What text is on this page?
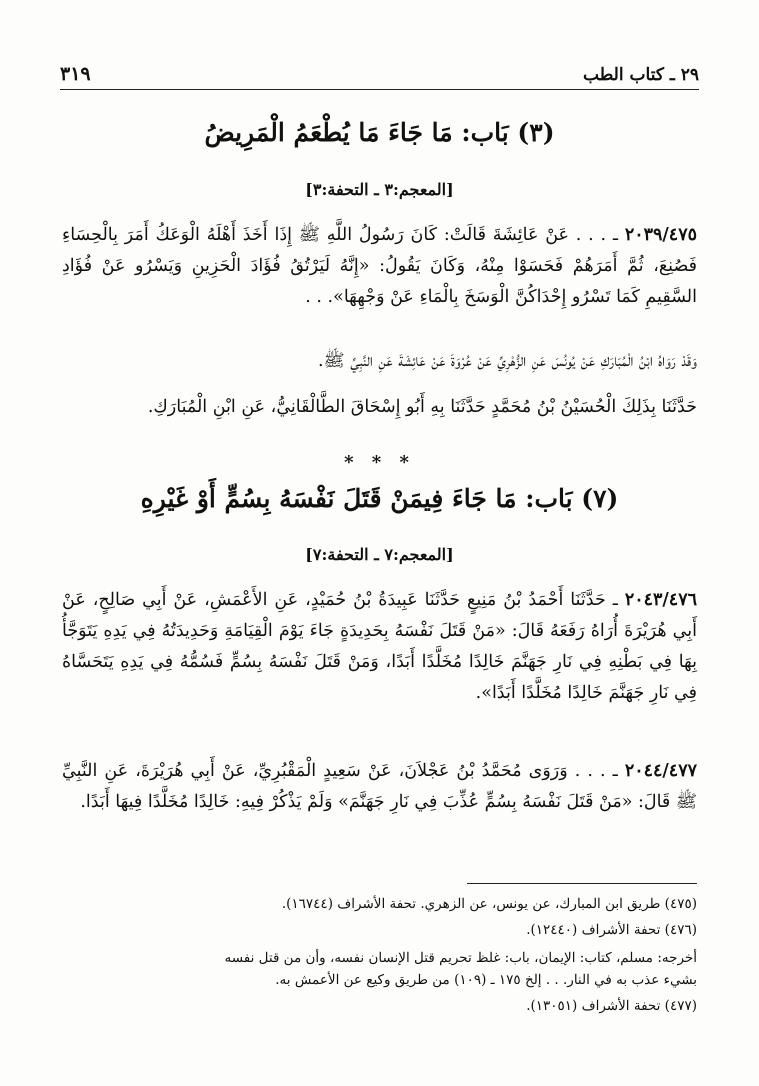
٢٩ ـ كتاب الطب
٣١٩
(٣) بَاب: مَا جَاءَ مَا يُطْعَمُ الْمَرِيضُ
[المعجم:٣ ـ التحفة:٣]
٢٠٣٩/٤٧٥ ـ . . . عَنْ عَائِشَةَ قَالَتْ: كَانَ رَسُولُ اللَّهِ ﷺ إِذَا أَخَذَ أَهْلَهُ الْوَعَكُ أَمَرَ بِالْحِسَاءِ فَصُنِعَ، ثُمَّ أَمَرَهُمْ فَحَسَوْا مِنْهُ، وَكَانَ يَقُولُ: «إِنَّهُ لَيَرْتُقُ فُؤَادَ الْحَزِينِ وَيَسْرُو عَنْ فُؤَادِ السَّقِيمِ كَمَا تَسْرُو إِحْدَاكُنَّ الْوَسَخَ بِالْمَاءِ عَنْ وَجْهِهَا». . .
وَقَدْ رَوَاهُ ابْنُ الْمُبَارَكِ عَنْ يُونُسَ عَنِ الزُّهْرِيِّ عَنْ عُرْوَةَ عَنْ عَائِشَةَ عَنِ النَّبِيِّ ﷺ.
حَدَّثَنَا بِذَلِكَ الْحُسَيْنُ بْنُ مُحَمَّدٍ حَدَّثَنَا بِهِ أَبُو إِسْحَاقَ الطَّالْقَانِيُّ، عَنِ ابْنِ الْمُبَارَكِ.
* * *
(٧) بَاب: مَا جَاءَ فِيمَنْ قَتَلَ نَفْسَهُ بِسُمٍّ أَوْ غَيْرِهِ
[المعجم:٧ ـ التحفة:٧]
٢٠٤٣/٤٧٦ ـ حَدَّثَنَا أَحْمَدُ بْنُ مَنِيعٍ حَدَّثَنَا عَبِيدَةُ بْنُ حُمَيْدٍ، عَنِ الأَعْمَشِ، عَنْ أَبِي صَالِحٍ، عَنْ أَبِي هُرَيْرَةَ أُرَاهُ رَفَعَهُ قَالَ: «مَنْ قَتَلَ نَفْسَهُ بِحَدِيدَةٍ جَاءَ يَوْمَ الْقِيَامَةِ وَحَدِيدَتُهُ فِي يَدِهِ يَتَوَجَّأُ بِهَا فِي بَطْنِهِ فِي نَارِ جَهَنَّمَ خَالِدًا مُخَلَّدًا أَبَدًا، وَمَنْ قَتَلَ نَفْسَهُ بِسُمٍّ فَسُمُّهُ فِي يَدِهِ يَتَحَسَّاهُ فِي نَارِ جَهَنَّمَ خَالِدًا مُخَلَّدًا أَبَدًا».
٢٠٤٤/٤٧٧ ـ . . . وَرَوَى مُحَمَّدُ بْنُ عَجْلاَنَ، عَنْ سَعِيدٍ الْمَقْبُرِيِّ، عَنْ أَبِي هُرَيْرَةَ، عَنِ النَّبِيِّ ﷺ قَالَ: «مَنْ قَتَلَ نَفْسَهُ بِسُمٍّ عُذِّبَ فِي نَارِ جَهَنَّمَ» وَلَمْ يَذْكُرْ فِيهِ: خَالِدًا مُخَلَّدًا فِيهَا أَبَدًا.
(٤٧٥) طريق ابن المبارك، عن يونس، عن الزهري. تحفة الأشراف (١٦٧٤٤).
(٤٧٦) تحفة الأشراف (١٢٤٤٠).
أخرجه: مسلم، كتاب: الإيمان، باب: غلظ تحريم قتل الإنسان نفسه، وأن من قتل نفسه
بشيء عذب به في النار. . . إلخ ١٧٥ ـ (١٠٩) من طريق وكيع عن الأعمش به.
(٤٧٧) تحفة الأشراف (١٣٠٥١).
